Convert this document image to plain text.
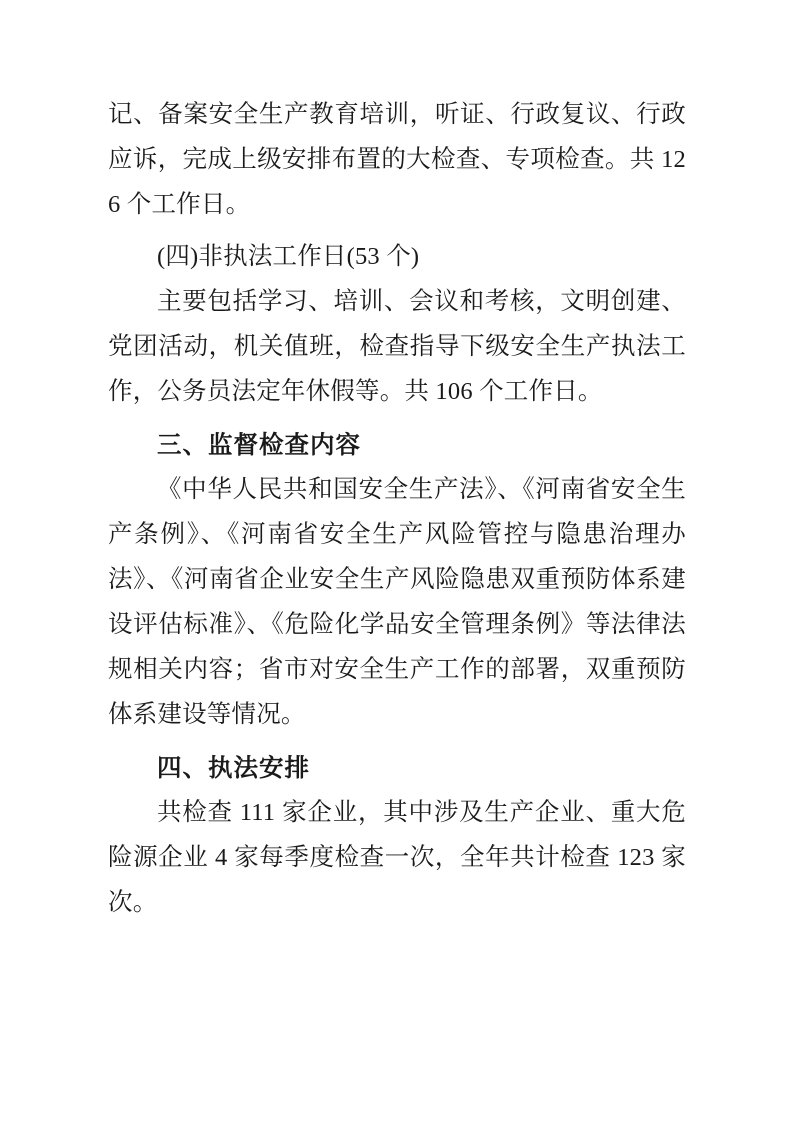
记、备案安全生产教育培训，听证、行政复议、行政应诉，完成上级安排布置的大检查、专项检查。共 126 个工作日。

(四)非执法工作日(53 个)

主要包括学习、培训、会议和考核，文明创建、党团活动，机关值班，检查指导下级安全生产执法工作，公务员法定年休假等。共 106 个工作日。

三、监督检查内容

《中华人民共和国安全生产法》、《河南省安全生产条例》、《河南省安全生产风险管控与隐患治理办法》、《河南省企业安全生产风险隐患双重预防体系建设评估标准》、《危险化学品安全管理条例》等法律法规相关内容；省市对安全生产工作的部署，双重预防体系建设等情况。

四、执法安排

共检查 111 家企业，其中涉及生产企业、重大危险源企业 4 家每季度检查一次，全年共计检查 123 家次。
